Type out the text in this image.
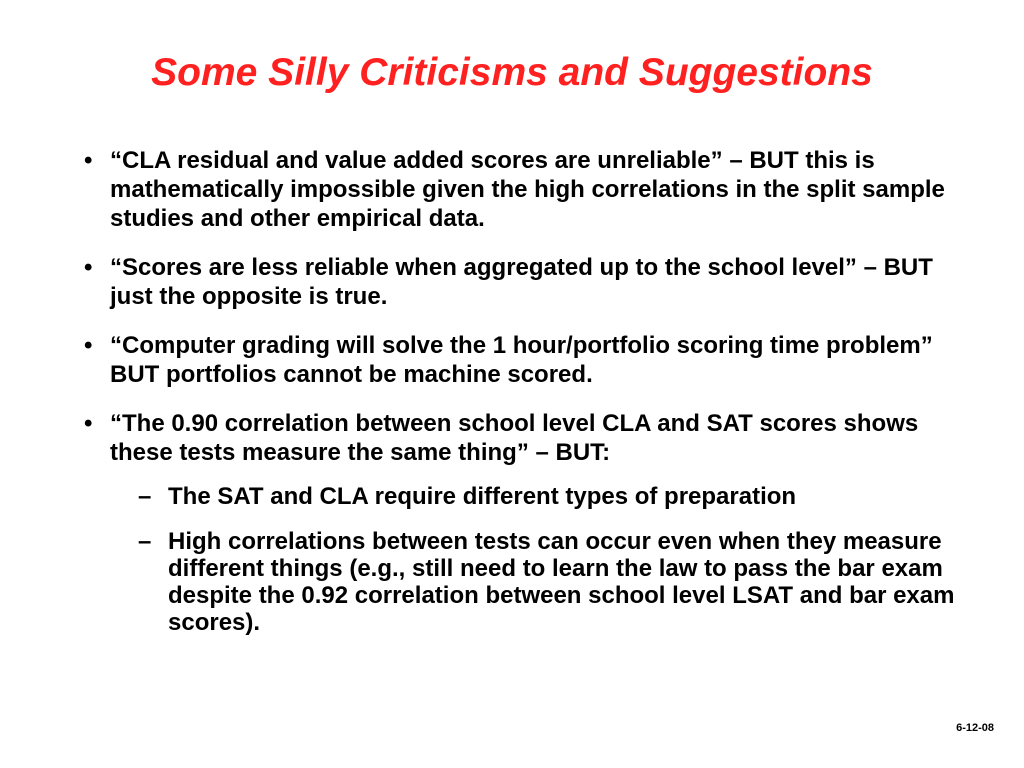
Some Silly Criticisms and Suggestions
• “CLA residual and value added scores are unreliable” – BUT this is mathematically impossible given the high correlations in the split sample studies and other empirical data.
• “Scores are less reliable when aggregated up to the school level” – BUT just the opposite is true.
• “Computer grading will solve the 1 hour/portfolio scoring time problem” BUT portfolios cannot be machine scored.
• “The 0.90 correlation between school level CLA and SAT scores shows these tests measure the same thing” – BUT:
– The SAT and CLA require different types of preparation
– High correlations between tests can occur even when they measure different things (e.g., still need to learn the law to pass the bar exam despite the 0.92 correlation between school level LSAT and bar exam scores).
6-12-08
